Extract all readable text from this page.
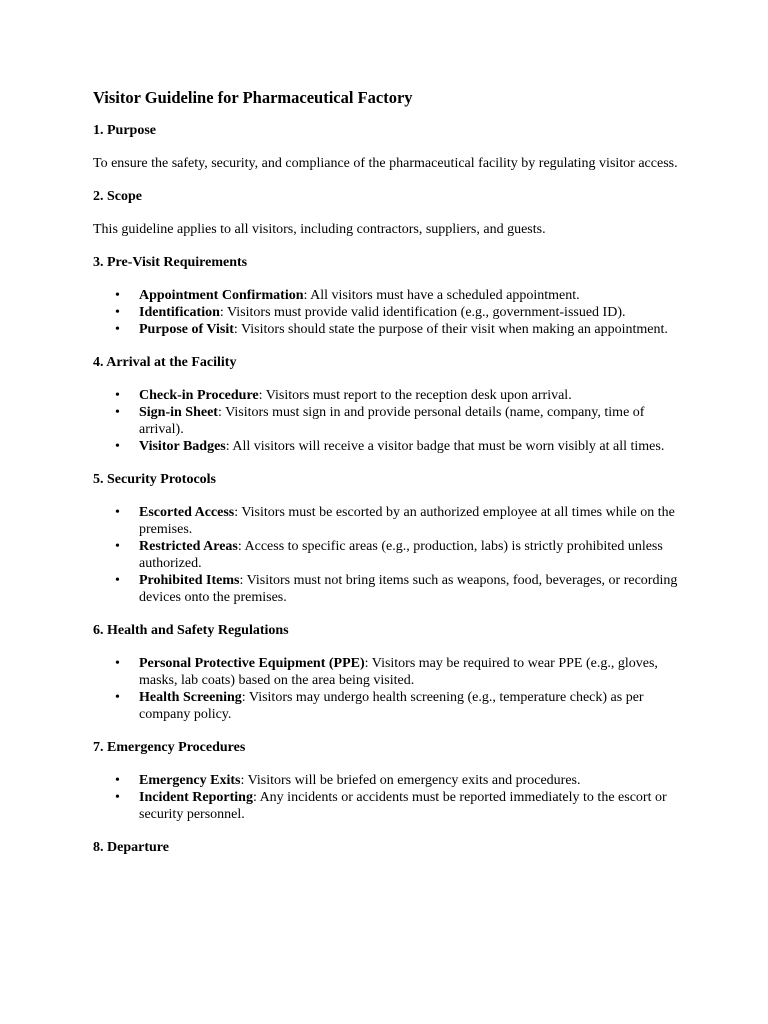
Visitor Guideline for Pharmaceutical Factory
1. Purpose

To ensure the safety, security, and compliance of the pharmaceutical facility by regulating visitor access.

2. Scope

This guideline applies to all visitors, including contractors, suppliers, and guests.

3. Pre-Visit Requirements
• Appointment Confirmation: All visitors must have a scheduled appointment.
• Identification: Visitors must provide valid identification (e.g., government-issued ID).
• Purpose of Visit: Visitors should state the purpose of their visit when making an appointment.
4. Arrival at the Facility
• Check-in Procedure: Visitors must report to the reception desk upon arrival.
• Sign-in Sheet: Visitors must sign in and provide personal details (name, company, time of arrival).
• Visitor Badges: All visitors will receive a visitor badge that must be worn visibly at all times.
5. Security Protocols
• Escorted Access: Visitors must be escorted by an authorized employee at all times while on the premises.
• Restricted Areas: Access to specific areas (e.g., production, labs) is strictly prohibited unless authorized.
• Prohibited Items: Visitors must not bring items such as weapons, food, beverages, or recording devices onto the premises.
6. Health and Safety Regulations
• Personal Protective Equipment (PPE): Visitors may be required to wear PPE (e.g., gloves, masks, lab coats) based on the area being visited.
• Health Screening: Visitors may undergo health screening (e.g., temperature check) as per company policy.
7. Emergency Procedures
• Emergency Exits: Visitors will be briefed on emergency exits and procedures.
• Incident Reporting: Any incidents or accidents must be reported immediately to the escort or security personnel.
8. Departure
